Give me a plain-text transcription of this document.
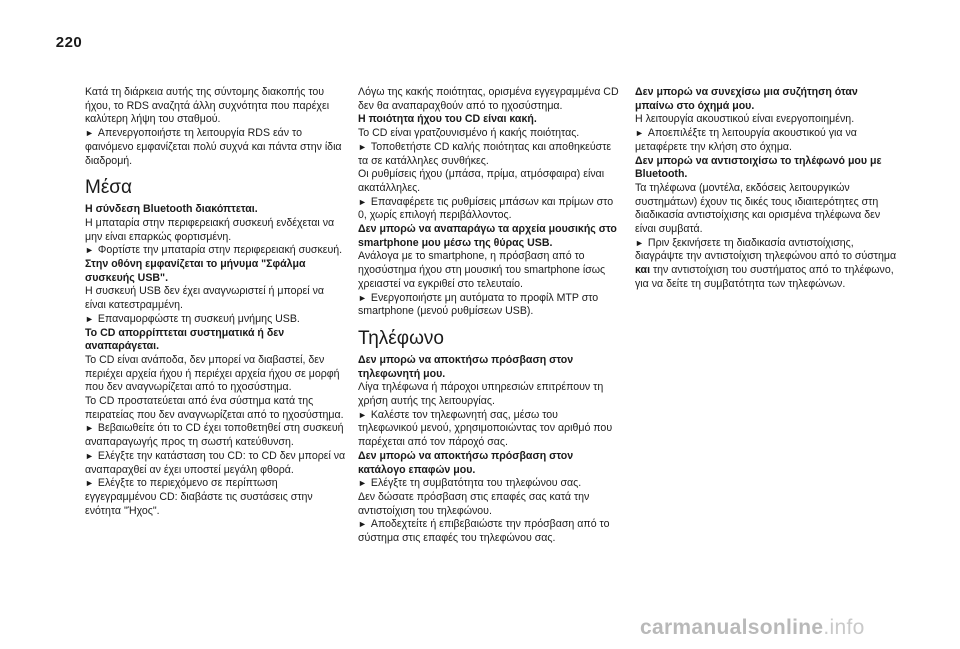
220
Κατά τη διάρκεια αυτής της σύντομης διακοπής του ήχου, το RDS αναζητά άλλη συχνότητα που παρέχει καλύτερη λήψη του σταθμού.
► Απενεργοποιήστε τη λειτουργία RDS εάν το φαινόμενο εμφανίζεται πολύ συχνά και πάντα στην ίδια διαδρομή.
Μέσα
Η σύνδεση Bluetooth διακόπτεται.
Η μπαταρία στην περιφερειακή συσκευή ενδέχεται να μην είναι επαρκώς φορτισμένη.
► Φορτίστε την μπαταρία στην περιφερειακή συσκευή.
Στην οθόνη εμφανίζεται το μήνυμα "Σφάλμα συσκευής USB".
Η συσκευή USB δεν έχει αναγνωριστεί ή μπορεί να είναι κατεστραμμένη.
► Επαναμορφώστε τη συσκευή μνήμης USB.
Το CD απορρίπτεται συστηματικά ή δεν αναπαράγεται.
Το CD είναι ανάποδα, δεν μπορεί να διαβαστεί, δεν περιέχει αρχεία ήχου ή περιέχει αρχεία ήχου σε μορφή που δεν αναγνωρίζεται από το ηχοσύστημα.
Το CD προστατεύεται από ένα σύστημα κατά της πειρατείας που δεν αναγνωρίζεται από το ηχοσύστημα.
► Βεβαιωθείτε ότι το CD έχει τοποθετηθεί στη συσκευή αναπαραγωγής προς τη σωστή κατεύθυνση.
► Ελέγξτε την κατάσταση του CD: το CD δεν μπορεί να αναπαραχθεί αν έχει υποστεί μεγάλη φθορά.
► Ελέγξτε το περιεχόμενο σε περίπτωση εγγεγραμμένου CD: διαβάστε τις συστάσεις στην ενότητα "Ήχος".
Λόγω της κακής ποιότητας, ορισμένα εγγεγραμμένα CD δεν θα αναπαραχθούν από το ηχοσύστημα.
Η ποιότητα ήχου του CD είναι κακή.
Το CD είναι γρατζουνισμένο ή κακής ποιότητας.
► Τοποθετήστε CD καλής ποιότητας και αποθηκεύστε τα σε κατάλληλες συνθήκες.
Οι ρυθμίσεις ήχου (μπάσα, πρίμα, ατμόσφαιρα) είναι ακατάλληλες.
► Επαναφέρετε τις ρυθμίσεις μπάσων και πρίμων στο 0, χωρίς επιλογή περιβάλλοντος.
Δεν μπορώ να αναπαράγω τα αρχεία μουσικής στο smartphone μου μέσω της θύρας USB.
Ανάλογα με το smartphone, η πρόσβαση από το ηχοσύστημα ήχου στη μουσική του smartphone ίσως χρειαστεί να εγκριθεί στο τελευταίο.
► Ενεργοποιήστε μη αυτόματα το προφίλ MTP στο smartphone (μενού ρυθμίσεων USB).
Τηλέφωνο
Δεν μπορώ να αποκτήσω πρόσβαση στον τηλεφωνητή μου.
Λίγα τηλέφωνα ή πάροχοι υπηρεσιών επιτρέπουν τη χρήση αυτής της λειτουργίας.
► Καλέστε τον τηλεφωνητή σας, μέσω του τηλεφωνικού μενού, χρησιμοποιώντας τον αριθμό που παρέχεται από τον πάροχό σας.
Δεν μπορώ να αποκτήσω πρόσβαση στον κατάλογο επαφών μου.
► Ελέγξτε τη συμβατότητα του τηλεφώνου σας.
Δεν δώσατε πρόσβαση στις επαφές σας κατά την αντιστοίχιση του τηλεφώνου.
► Αποδεχτείτε ή επιβεβαιώστε την πρόσβαση από το σύστημα στις επαφές του τηλεφώνου σας.
Δεν μπορώ να συνεχίσω μια συζήτηση όταν μπαίνω στο όχημά μου.
Η λειτουργία ακουστικού είναι ενεργοποιημένη.
► Αποεπιλέξτε τη λειτουργία ακουστικού για να μεταφέρετε την κλήση στο όχημα.
Δεν μπορώ να αντιστοιχίσω το τηλέφωνό μου με Bluetooth.
Τα τηλέφωνα (μοντέλα, εκδόσεις λειτουργικών συστημάτων) έχουν τις δικές τους ιδιαιτερότητες στη διαδικασία αντιστοίχισης και ορισμένα τηλέφωνα δεν είναι συμβατά.
► Πριν ξεκινήσετε τη διαδικασία αντιστοίχισης, διαγράψτε την αντιστοίχιση τηλεφώνου από το σύστημα και την αντιστοίχιση του συστήματος από το τηλέφωνο, για να δείτε τη συμβατότητα των τηλεφώνων.
carmanualsonline.info
